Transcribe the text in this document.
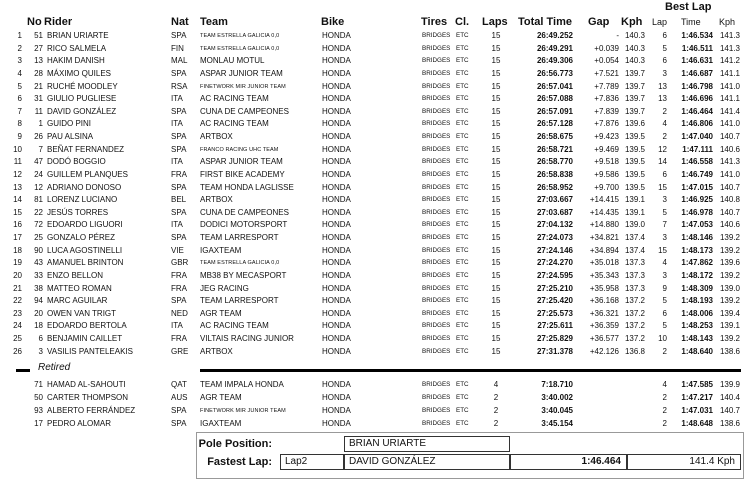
Best Lap
No Rider	Nat Team	Bike	Tires Cl. Laps Total Time Gap Kph Lap Time Kph
1	51 BRIAN URIARTE	SPA	TEAM ESTRELLA GALICIA 0,0	HONDA	BRIDGES ETC	15	26:49.252	- 140.3	6	1:46.534 141.3
2	27 RICO SALMELA	FIN	TEAM ESTRELLA GALICIA 0,0	HONDA	BRIDGES ETC	15	26:49.291	+0.039 140.3	5	1:46.511 141.3
3	13 HAKIM DANISH	MAL	MONLAU MOTUL	HONDA	BRIDGES ETC	15	26:49.306	+0.054 140.3	6	1:46.631 141.2
4	28 MÁXIMO QUILES	SPA	ASPAR JUNIOR TEAM	HONDA	BRIDGES ETC	15	26:56.773	+7.521 139.7	3	1:46.687 141.1
5	21 RUCHÉ MOODLEY	RSA	FINETWORK MIR JUNIOR TEAM	HONDA	BRIDGES ETC	15	26:57.041	+7.789 139.7	13	1:46.798 141.0
6	31 GIULIO PUGLIESE	ITA	AC RACING TEAM	HONDA	BRIDGES ETC	15	26:57.088	+7.836 139.7	13	1:46.696 141.1
7	11 DAVID GONZÁLEZ	SPA	CUNA DE CAMPEONES	HONDA	BRIDGES ETC	15	26:57.091	+7.839 139.7	2	1:46.464 141.4
8	1 GUIDO PINI	ITA	AC RACING TEAM	HONDA	BRIDGES ETC	15	26:57.128	+7.876 139.6	4	1:46.806 141.0
9	26 PAU ALSINA	SPA	ARTBOX	HONDA	BRIDGES ETC	15	26:58.675	+9.423 139.5	2	1:47.040 140.7
10	7 BEÑAT FERNANDEZ	SPA	FRANCO RACING UHC TEAM	HONDA	BRIDGES ETC	15	26:58.721	+9.469 139.5	12	1:47.111 140.6
11	47 DODÓ BOGGIO	ITA	ASPAR JUNIOR TEAM	HONDA	BRIDGES ETC	15	26:58.770	+9.518 139.5	14	1:46.558 141.3
12	24 GUILLEM PLANQUES	FRA	FIRST BIKE ACADEMY	HONDA	BRIDGES ETC	15	26:58.838	+9.586 139.5	6	1:46.749 141.0
13	12 ADRIANO DONOSO	SPA	TEAM HONDA LAGLISSE	HONDA	BRIDGES ETC	15	26:58.952	+9.700 139.5	15	1:47.015 140.7
14	81 LORENZ LUCIANO	BEL	ARTBOX	HONDA	BRIDGES ETC	15	27:03.667	+14.415 139.1	3	1:46.925 140.8
15	22 JESÚS TORRES	SPA	CUNA DE CAMPEONES	HONDA	BRIDGES ETC	15	27:03.687	+14.435 139.1	5	1:46.978 140.7
16	72 EDOARDO LIGUORI	ITA	DODICI MOTORSPORT	HONDA	BRIDGES ETC	15	27:04.132	+14.880 139.0	7	1:47.053 140.6
17	25 GONZALO PÉREZ	SPA	TEAM LARRESPORT	HONDA	BRIDGES ETC	15	27:24.073	+34.821 137.4	3	1:48.146 139.2
18	90 LUCA AGOSTINELLI	VIE	IGAXTEAM	HONDA	BRIDGES ETC	15	27:24.146	+34.894 137.4	15	1:48.173 139.2
19	43 AMANUEL BRINTON	GBR	TEAM ESTRELLA GALICIA 0,0	HONDA	BRIDGES ETC	15	27:24.270	+35.018 137.3	4	1:47.862 139.6
20	33 ENZO BELLON	FRA	MB38 BY MECASPORT	HONDA	BRIDGES ETC	15	27:24.595	+35.343 137.3	3	1:48.172 139.2
21	38 MATTEO ROMAN	FRA	JEG RACING	HONDA	BRIDGES ETC	15	27:25.210	+35.958 137.3	9	1:48.309 139.0
22	94 MARC AGUILAR	SPA	TEAM LARRESPORT	HONDA	BRIDGES ETC	15	27:25.420	+36.168 137.2	5	1:48.193 139.2
23	20 OWEN VAN TRIGT	NED	AGR TEAM	HONDA	BRIDGES ETC	15	27:25.573	+36.321 137.2	6	1:48.006 139.4
24	18 EDOARDO BERTOLA	ITA	AC RACING TEAM	HONDA	BRIDGES ETC	15	27:25.611	+36.359 137.2	5	1:48.253 139.1
25	6 BENJAMIN CAILLET	FRA	VILTAIS RACING JUNIOR	HONDA	BRIDGES ETC	15	27:25.829	+36.577 137.2	10	1:48.143 139.2
26	3 VASILIS PANTELEAKIS	GRE	ARTBOX	HONDA	BRIDGES ETC	15	27:31.378	+42.126 136.8	2	1:48.640 138.6
Retired
71 HAMAD AL-SAHOUTI	QAT	TEAM IMPALA HONDA	HONDA	BRIDGES ETC	4	7:18.710	4	1:47.585 139.9
50 CARTER THOMPSON	AUS	AGR TEAM	HONDA	BRIDGES ETC	2	3:40.002	2	1:47.217 140.4
93 ALBERTO FERRÁNDEZ	SPA	FINETWORK MIR JUNIOR TEAM	HONDA	BRIDGES ETC	2	3:40.045	2	1:47.031 140.7
17 PEDRO ALOMAR	SPA	IGAXTEAM	HONDA	BRIDGES ETC	2	3:45.154	2	1:48.648 138.6
Pole Position:	BRIAN URIARTE
Fastest Lap:	Lap2	DAVID GONZÁLEZ	1:46.464	141.4 Kph
